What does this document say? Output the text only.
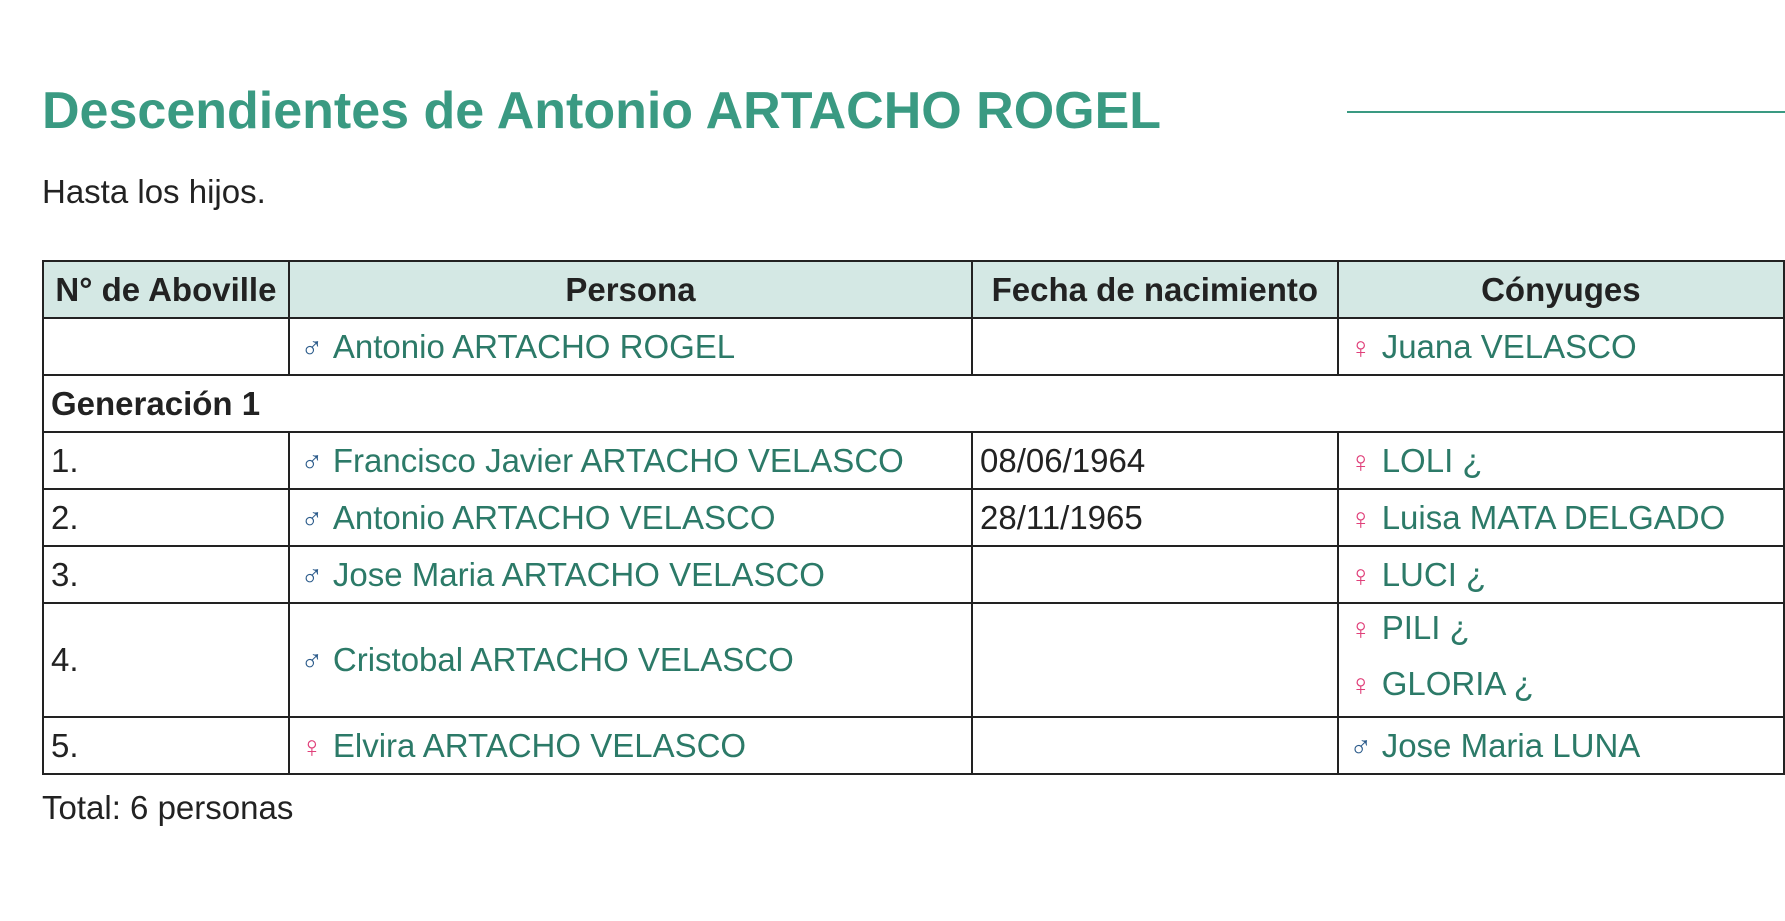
Descendientes de Antonio ARTACHO ROGEL
Hasta los hijos.
N° de Aboville	Persona	Fecha de nacimiento	Cónyuges
	♂ Antonio ARTACHO ROGEL		♀ Juana VELASCO
Generación 1			
1.	♂ Francisco Javier ARTACHO VELASCO	08/06/1964	♀ LOLI ¿
2.	♂ Antonio ARTACHO VELASCO	28/11/1965	♀ Luisa MATA DELGADO
3.	♂ Jose Maria ARTACHO VELASCO		♀ LUCI ¿
4.	♂ Cristobal ARTACHO VELASCO		♀ PILI ¿
♀ GLORIA ¿

5.	♀ Elvira ARTACHO VELASCO		♂ Jose Maria LUNA
Total: 6 personas
